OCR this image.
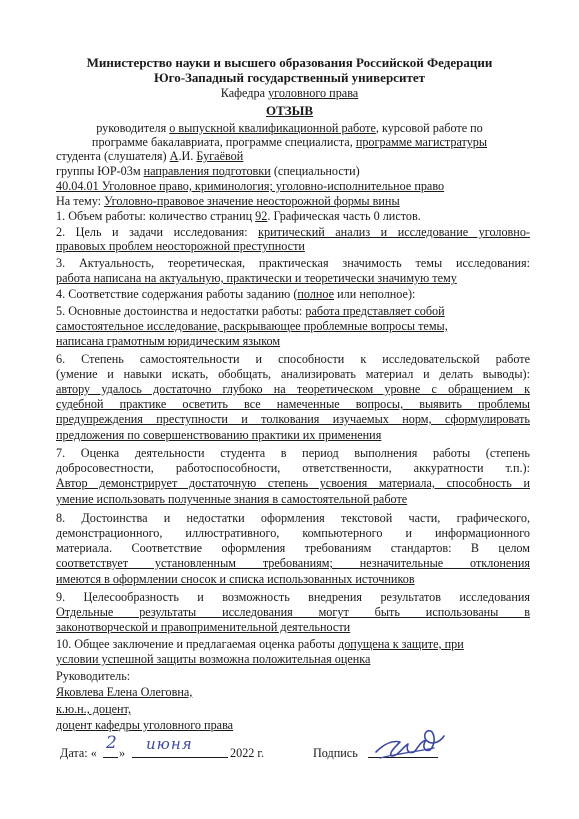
Министерство науки и высшего образования Российской Федерации
Юго-Западный государственный университет
Кафедра уголовного права
ОТЗЫВ
руководителя о выпускной квалификационной работе, курсовой работе по
программе бакалавриата, программе специалиста, программе магистратуры
студента (слушателя) А.И. Бугаёвой
группы ЮР-03м направления подготовки (специальности)
40.04.01 Уголовное право, криминология; уголовно-исполнительное право
На тему: Уголовно-правовое значение неосторожной формы вины
1. Объем работы: количество страниц 92. Графическая часть 0 листов.
2. Цель и задачи исследования: критический анализ и исследование уголовно-
правовых проблем неосторожной преступности
3. Актуальность, теоретическая, практическая значимость темы исследования:
работа написана на актуальную, практически и теоретически значимую тему
4. Соответствие содержания работы заданию (полное или неполное):
5. Основные достоинства и недостатки работы: работа представляет собой
самостоятельное исследование, раскрывающее проблемные вопросы темы,
написана грамотным юридическим языком
6. Степень самостоятельности и способности к исследовательской работе
(умение и навыки искать, обобщать, анализировать материал и делать выводы):
автору удалось достаточно глубоко на теоретическом уровне с обращением к
судебной практике осветить все намеченные вопросы, выявить проблемы
предупреждения преступности и толкования изучаемых норм, сформулировать
предложения по совершенствованию практики их применения
7. Оценка деятельности студента в период выполнения работы (степень
добросовестности, работоспособности, ответственности, аккуратности т.п.):
Автор демонстрирует достаточную степень усвоения материала, способность и
умение использовать полученные знания в самостоятельной работе
8. Достоинства и недостатки оформления текстовой части, графического,
демонстрационного, иллюстративного, компьютерного и информационного
материала. Соответствие оформления требованиям стандартов: В целом
соответствует установленным требованиям; незначительные отклонения
имеются в оформлении сносок и списка использованных источников
9. Целесообразность и возможность внедрения результатов исследования
Отдельные результаты исследования могут быть использованы в
законотворческой и правоприменительной деятельности
10. Общее заключение и предлагаемая оценка работы допущена к защите, при
условии успешной защиты возможна положительная оценка
Руководитель:
Яковлева Елена Олеговна,
к.ю.н., доцент,
доцент кафедры уголовного права
Дата: « 2 » июня	2022 г.	Подпись
